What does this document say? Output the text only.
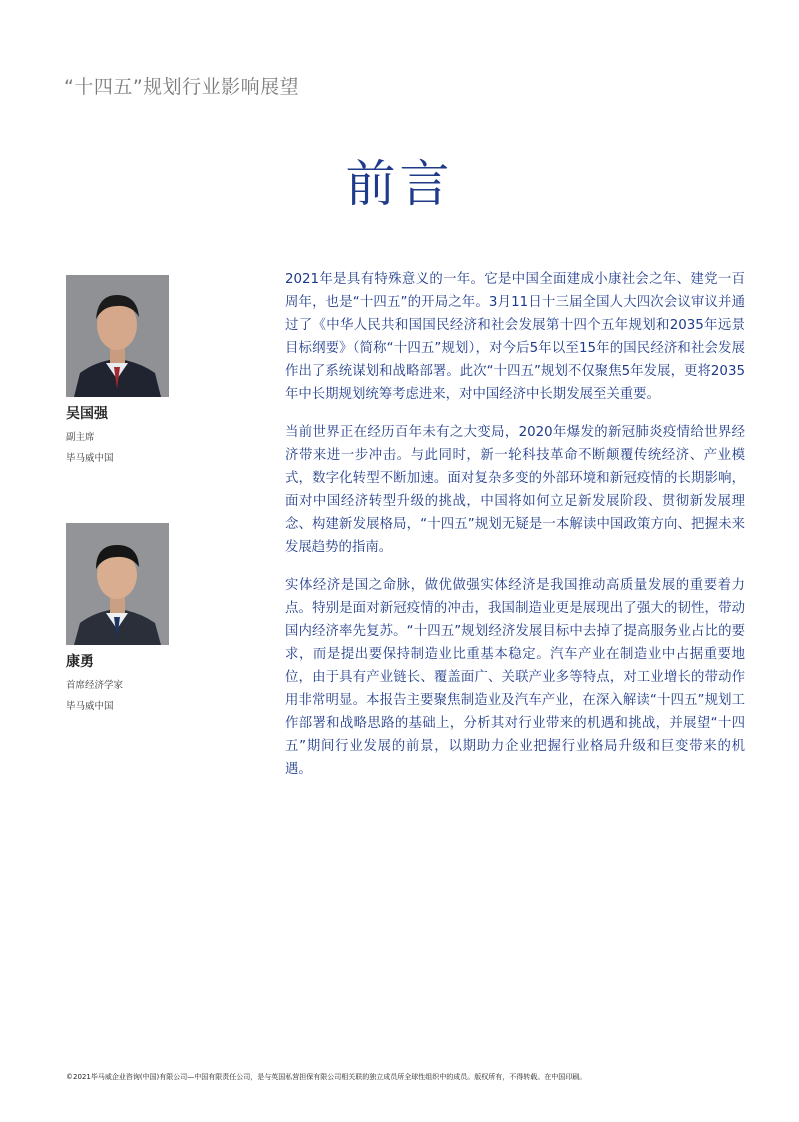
“十四五”规划行业影响展望
前言
吴国强
副主席
毕马威中国
康勇
首席经济学家
毕马威中国

2021年是具有特殊意义的一年。它是中国全面建成小康社会之年、建党一百周年，也是“十四五”的开局之年。3月11日十三届全国人大四次会议审议并通过了《中华人民共和国国民经济和社会发展第十四个五年规划和2035年远景目标纲要》（简称“十四五”规划），对今后5年以至15年的国民经济和社会发展作出了系统谋划和战略部署。此次“十四五”规划不仅聚焦5年发展，更将2035年中长期规划统筹考虑进来，对中国经济中长期发展至关重要。

当前世界正在经历百年未有之大变局，2020年爆发的新冠肺炎疫情给世界经济带来进一步冲击。与此同时，新一轮科技革命不断颠覆传统经济、产业模式，数字化转型不断加速。面对复杂多变的外部环境和新冠疫情的长期影响，面对中国经济转型升级的挑战，中国将如何立足新发展阶段、贯彻新发展理念、构建新发展格局，“十四五”规划无疑是一本解读中国政策方向、把握未来发展趋势的指南。

实体经济是国之命脉，做优做强实体经济是我国推动高质量发展的重要着力点。特别是面对新冠疫情的冲击，我国制造业更是展现出了强大的韧性，带动国内经济率先复苏。“十四五”规划经济发展目标中去掉了提高服务业占比的要求，而是提出要保持制造业比重基本稳定。汽车产业在制造业中占据重要地位，由于具有产业链长、覆盖面广、关联产业多等特点，对工业增长的带动作用非常明显。本报告主要聚焦制造业及汽车产业，在深入解读“十四五”规划工作部署和战略思路的基础上，分析其对行业带来的机遇和挑战，并展望“十四五”期间行业发展的前景，以期助力企业把握行业格局升级和巨变带来的机遇。

©2021毕马威企业咨询(中国)有限公司—中国有限责任公司，是与英国私营担保有限公司相关联的独立成员所全球性组织中的成员。版权所有，不得转载。在中国印刷。
